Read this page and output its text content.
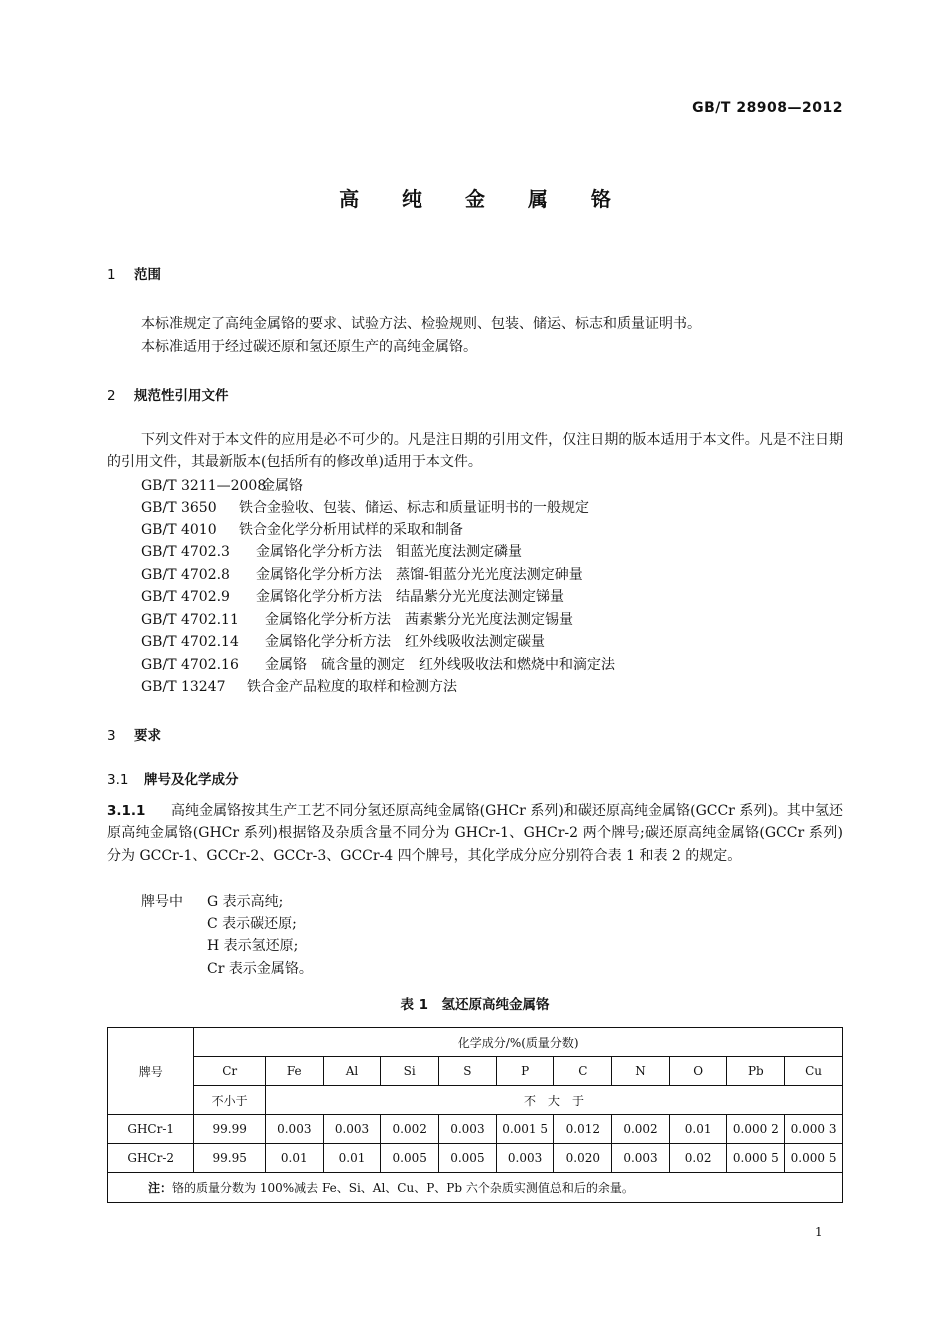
GB/T 28908—2012
高 纯 金 属 铬
1 范围
本标准规定了高纯金属铬的要求、试验方法、检验规则、包装、储运、标志和质量证明书。
本标准适用于经过碳还原和氢还原生产的高纯金属铬。
2 规范性引用文件
下列文件对于本文件的应用是必不可少的。凡是注日期的引用文件，仅注日期的版本适用于本文件。凡是不注日期的引用文件，其最新版本(包括所有的修改单)适用于本文件。
GB/T 3211—2008金属铬
GB/T 3650 铁合金验收、包装、储运、标志和质量证明书的一般规定
GB/T 4010 铁合金化学分析用试样的采取和制备
GB/T 4702.3 金属铬化学分析方法　钼蓝光度法测定磷量
GB/T 4702.8 金属铬化学分析方法　蒸馏-钼蓝分光光度法测定砷量
GB/T 4702.9 金属铬化学分析方法　结晶紫分光光度法测定锑量
GB/T 4702.11 金属铬化学分析方法　茜素紫分光光度法测定锡量
GB/T 4702.14 金属铬化学分析方法　红外线吸收法测定碳量
GB/T 4702.16 金属铬　硫含量的测定　红外线吸收法和燃烧中和滴定法
GB/T 13247 铁合金产品粒度的取样和检测方法
3 要求
3.1 牌号及化学成分
3.1.1 高纯金属铬按其生产工艺不同分氢还原高纯金属铬(GHCr 系列)和碳还原高纯金属铬(GCCr 系列)。其中氢还原高纯金属铬(GHCr 系列)根据铬及杂质含量不同分为 GHCr-1、GHCr-2 两个牌号;碳还原高纯金属铬(GCCr 系列)分为 GCCr-1、GCCr-2、GCCr-3、GCCr-4 四个牌号，其化学成分应分别符合表 1 和表 2 的规定。
牌号中 G 表示高纯;
C 表示碳还原;
H 表示氢还原;
Cr 表示金属铬。
表 1　氢还原高纯金属铬
牌号	化学成分/%(质量分数)										
	Cr	Fe	Al	Si	S	P	C	N	O	Pb	Cu
	不小于	不　大　于									
GHCr-1	99.99	0.003	0.003	0.002	0.003	0.001 5	0.012	0.002	0.01	0.000 2	0.000 3
GHCr-2	99.95	0.01	0.01	0.005	0.005	0.003	0.020	0.003	0.02	0.000 5	0.000 5
注：铬的质量分数为 100%减去 Fe、Si、Al、Cu、P、Pb 六个杂质实测值总和后的余量。											
1
